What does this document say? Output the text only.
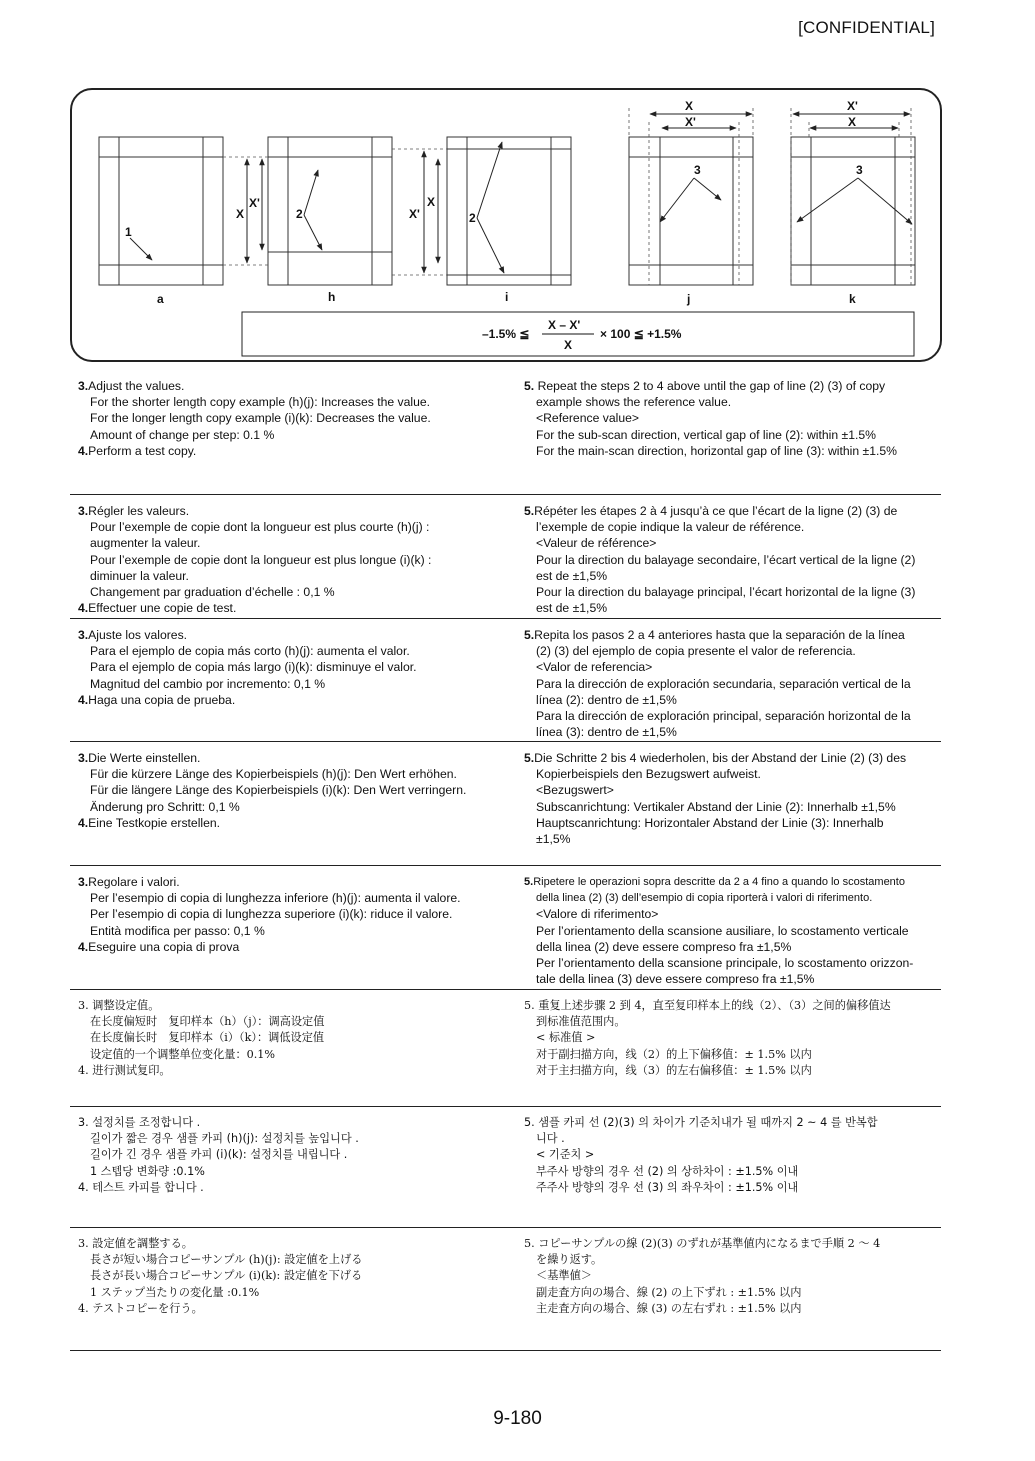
[CONFIDENTIAL]
a	h	i	j	k
1
2	2
3	3
X
X'
X'
X
X
X'
X'
X
–1.5% ≦
X – X'
X
× 100 ≦ +1.5%
3.Adjust the values.
For the shorter length copy example (h)(j): Increases the value.
For the longer length copy example (i)(k): Decreases the value.
Amount of change per step: 0.1 %
4.Perform a test copy.
5. Repeat the steps 2 to 4 above until the gap of line (2) (3) of copy
example shows the reference value.
<Reference value>
For the sub-scan direction, vertical gap of line (2): within ±1.5%
For the main-scan direction, horizontal gap of line (3): within ±1.5%
3.Régler les valeurs.
Pour l’exemple de copie dont la longueur est plus courte (h)(j) :
augmenter la valeur.
Pour l’exemple de copie dont la longueur est plus longue (i)(k) :
diminuer la valeur.
Changement par graduation d’échelle : 0,1 %
4.Effectuer une copie de test.
5.Répéter les étapes 2 à 4 jusqu’à ce que l’écart de la ligne (2) (3) de
l’exemple de copie indique la valeur de référence.
<Valeur de référence>
Pour la direction du balayage secondaire, l’écart vertical de la ligne (2)
est de ±1,5%
Pour la direction du balayage principal, l’écart horizontal de la ligne (3)
est de ±1,5%
3.Ajuste los valores.
Para el ejemplo de copia más corto (h)(j): aumenta el valor.
Para el ejemplo de copia más largo (i)(k): disminuye el valor.
Magnitud del cambio por incremento: 0,1 %
4.Haga una copia de prueba.
5.Repita los pasos 2 a 4 anteriores hasta que la separación de la línea
(2) (3) del ejemplo de copia presente el valor de referencia.
<Valor de referencia>
Para la dirección de exploración secundaria, separación vertical de la
línea (2): dentro de ±1,5%
Para la dirección de exploración principal, separación horizontal de la
línea (3): dentro de ±1,5%
3.Die Werte einstellen.
Für die kürzere Länge des Kopierbeispiels (h)(j): Den Wert erhöhen.
Für die längere Länge des Kopierbeispiels (i)(k): Den Wert verringern.
Änderung pro Schritt: 0,1 %
4.Eine Testkopie erstellen.
5.Die Schritte 2 bis 4 wiederholen, bis der Abstand der Linie (2) (3) des
Kopierbeispiels den Bezugswert aufweist.
<Bezugswert>
Subscanrichtung: Vertikaler Abstand der Linie (2): Innerhalb ±1,5%
Hauptscanrichtung: Horizontaler Abstand der Linie (3): Innerhalb
±1,5%
3.Regolare i valori.
Per l’esempio di copia di lunghezza inferiore (h)(j): aumenta il valore.
Per l’esempio di copia di lunghezza superiore (i)(k): riduce il valore.
Entità modifica per passo: 0,1 %
4.Eseguire una copia di prova
5.Ripetere le operazioni sopra descritte da 2 a 4 fino a quando lo scostamento
della linea (2) (3) dell’esempio di copia riporterà i valori di riferimento.
<Valore di riferimento>
Per l’orientamento della scansione ausiliare, lo scostamento verticale
della linea (2) deve essere compreso fra ±1,5%
Per l’orientamento della scansione principale, lo scostamento orizzon-
tale della linea (3) deve essere compreso fra ±1,5%
3. 调整设定值。
在长度偏短时　复印样本（h）（j）：调高设定值
在长度偏长时　复印样本（i）（k）：调低设定值
设定值的一个调整单位变化量：0.1%
4. 进行测试复印。
5. 重复上述步骤 2 到 4，直至复印样本上的线（2）、（3）之间的偏移值达
到标准值范围内。
< 标准值 >
对于副扫描方向，线（2）的上下偏移值：± 1.5% 以内
对于主扫描方向，线（3）的左右偏移值：± 1.5% 以内
3. 설정치를 조정합니다 .
길이가 짧은 경우 샘플 카피 (h)(j): 설정치를 높입니다 .
길이가 긴 경우 샘플 카피 (i)(k): 설정치를 내립니다 .
1 스텝당 변화량 :0.1%
4. 테스트 카피를 합니다 .
5. 샘플 카피 선 (2)(3) 의 차이가 기준치내가 될 때까지 2 ~ 4 를 반복합
니다 .
< 기준치 >
부주사 방향의 경우 선 (2) 의 상하차이 : ±1.5% 이내
주주사 방향의 경우 선 (3) 의 좌우차이 : ±1.5% 이내
3. 設定値を調整する。
長さが短い場合コピーサンプル (h)(j): 設定値を上げる
長さが長い場合コピーサンプル (i)(k): 設定値を下げる
1 ステップ当たりの変化量 :0.1%
4. テストコピーを行う。
5. コピーサンプルの線 (2)(3) のずれが基準値内になるまで手順 2 ～ 4
を繰り返す。
＜基準値＞
副走査方向の場合、線 (2) の上下ずれ : ±1.5% 以内
主走査方向の場合、線 (3) の左右ずれ : ±1.5% 以内
9-180
